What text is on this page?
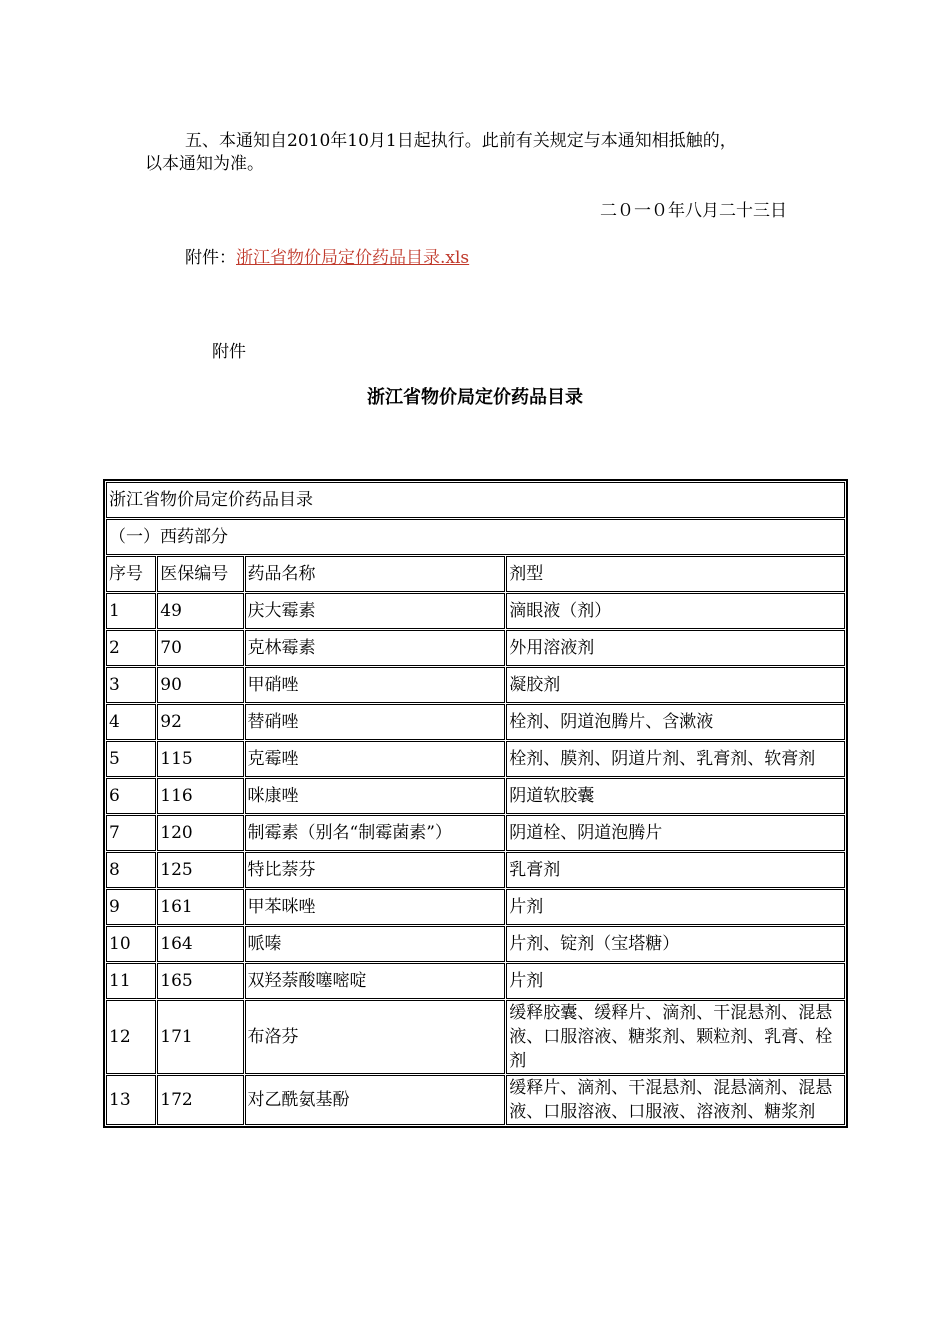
五、本通知自2010年10月1日起执行。此前有关规定与本通知相抵触的，
以本通知为准。
二０一０年八月二十三日
附件：浙江省物价局定价药品目录.xls
附件
浙江省物价局定价药品目录
浙江省物价局定价药品目录			
（一）西药部分			
序号	医保编号	药品名称	剂型
1	49	庆大霉素	滴眼液（剂）
2	70	克林霉素	外用溶液剂
3	90	甲硝唑	凝胶剂
4	92	替硝唑	栓剂、阴道泡腾片、含漱液
5	115	克霉唑	栓剂、膜剂、阴道片剂、乳膏剂、软膏剂
6	116	咪康唑	阴道软胶囊
7	120	制霉素（别名“制霉菌素”）	阴道栓、阴道泡腾片
8	125	特比萘芬	乳膏剂
9	161	甲苯咪唑	片剂
10	164	哌嗪	片剂、锭剂（宝塔糖）
11	165	双羟萘酸噻嘧啶	片剂
12	171	布洛芬	缓释胶囊、缓释片、滴剂、干混悬剂、混悬液、口服溶液、糖浆剂、颗粒剂、乳膏、栓剂
13	172	对乙酰氨基酚	缓释片、滴剂、干混悬剂、混悬滴剂、混悬液、口服溶液、口服液、溶液剂、糖浆剂
